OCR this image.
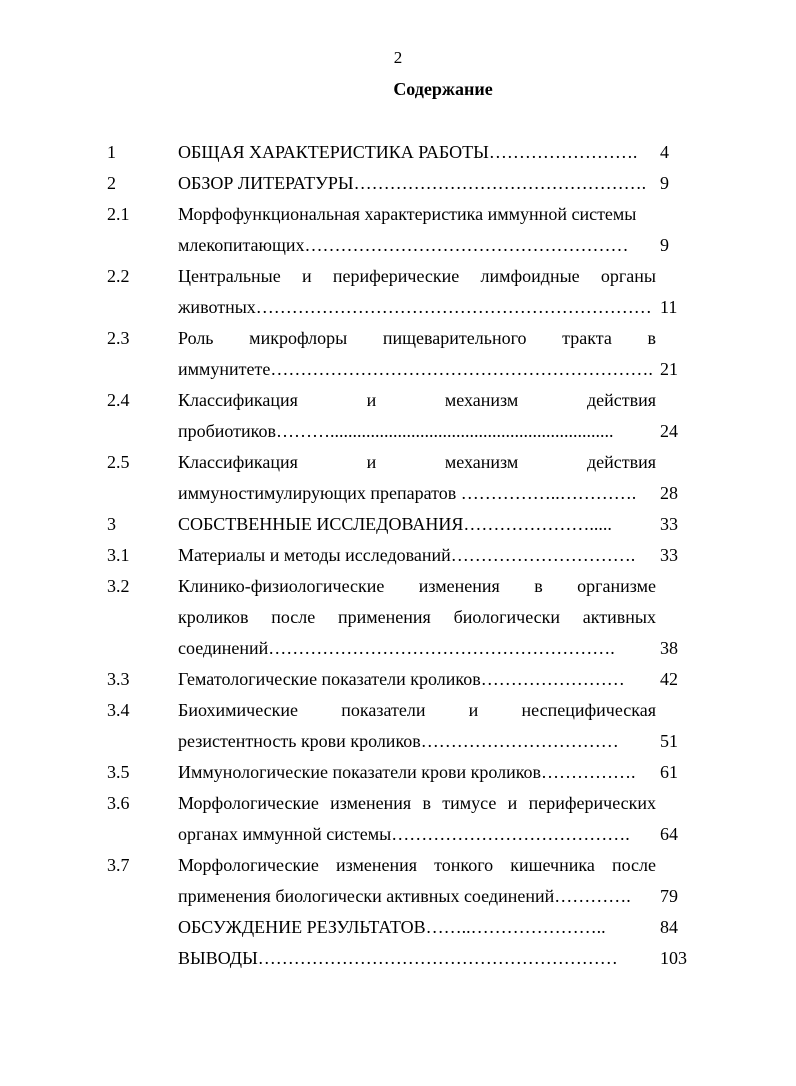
2
Содержание
1	ОБЩАЯ ХАРАКТЕРИСТИКА РАБОТЫ…………………….	4
2	ОБЗОР ЛИТЕРАТУРЫ…………………………………………. 9
2.1	Морфофункциональная характеристика иммунной системы
млекопитающих………………………………………………	9
2.2	Центральные и периферические лимфоидные органы
животных………………………………………………………… 11
2.3	Роль микрофлоры пищеварительного тракта в
иммунитете………………………………………………………. 21
2.4	Классификация и механизм действия
пробиотиков………...............................................................	24
2.5	Классификация и механизм действия
иммуностимулирующих препаратов ……………..………….	28
3	СОБСТВЕННЫЕ ИССЛЕДОВАНИЯ………………….....	33
3.1	Материалы и методы исследований………………………….	33
3.2	Клинико-физиологические изменения в организме
кроликов после применения биологически активных
соединений………………………………………………….	38
3.3	Гематологические показатели кроликов……………………	42
3.4	Биохимические показатели и неспецифическая
резистентность крови кроликов……………………………	51
3.5	Иммунологические показатели крови кроликов…………….	61
3.6	Морфологические изменения в тимусе и периферических
органах иммунной системы………………………………….	64
3.7	Морфологические изменения тонкого кишечника после
применения биологически активных соединений………….	79
ОБСУЖДЕНИЕ РЕЗУЛЬТАТОВ……..…………………..	84
ВЫВОДЫ……………………………………………………	103
